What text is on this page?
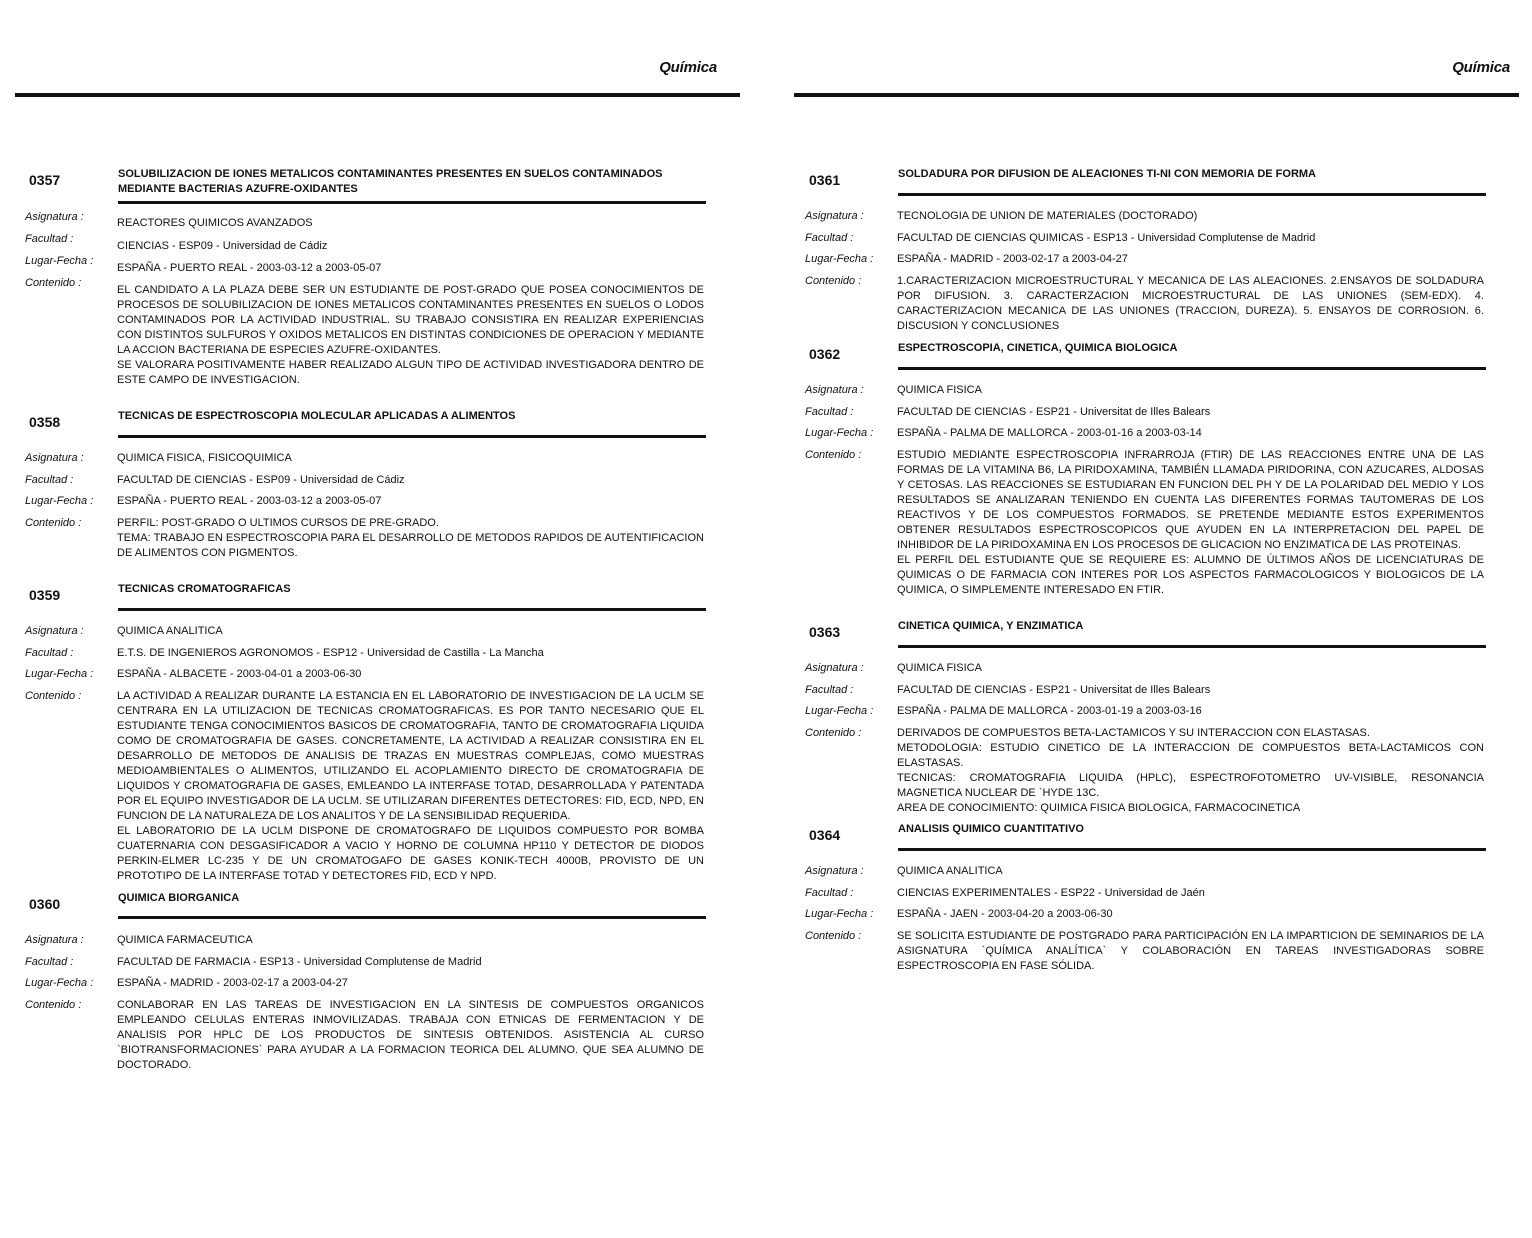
Química
0357	SOLUBILIZACION DE IONES METALICOS CONTAMINANTES PRESENTES EN SUELOS CONTAMINADOS MEDIANTE BACTERIAS AZUFRE-OXIDANTES
Asignatura :	REACTORES QUIMICOS AVANZADOS
Facultad :
CIENCIAS - ESP09 - Universidad de Cádiz
Lugar-Fecha :
ESPAÑA - PUERTO REAL - 2003-03-12 a 2003-05-07
Contenido :
EL CANDIDATO A LA PLAZA DEBE SER UN ESTUDIANTE DE POST-GRADO QUE POSEA CONOCIMIENTOS DE PROCESOS DE SOLUBILIZACION DE IONES METALICOS CONTAMINANTES PRESENTES EN SUELOS O LODOS CONTAMINADOS POR LA ACTIVIDAD INDUSTRIAL. SU TRABAJO CONSISTIRA EN REALIZAR EXPERIENCIAS CON DISTINTOS SULFUROS Y OXIDOS METALICOS EN DISTINTAS CONDICIONES DE OPERACION Y MEDIANTE LA ACCION BACTERIANA DE ESPECIES AZUFRE-OXIDANTES.
SE VALORARA POSITIVAMENTE HABER REALIZADO ALGUN TIPO DE ACTIVIDAD INVESTIGADORA DENTRO DE ESTE CAMPO DE INVESTIGACION.
0358	TECNICAS DE ESPECTROSCOPIA MOLECULAR APLICADAS A ALIMENTOS
Asignatura :	QUIMICA FISICA, FISICOQUIMICA
Facultad :	FACULTAD DE CIENCIAS - ESP09 - Universidad de Cádiz
Lugar-Fecha :	ESPAÑA - PUERTO REAL - 2003-03-12 a 2003-05-07
Contenido :	PERFIL: POST-GRADO O ULTIMOS CURSOS DE PRE-GRADO.
TEMA: TRABAJO EN ESPECTROSCOPIA PARA EL DESARROLLO DE METODOS RAPIDOS DE AUTENTIFICACION DE ALIMENTOS CON PIGMENTOS.
0359	TECNICAS CROMATOGRAFICAS
Asignatura :	QUIMICA ANALITICA
Facultad :	E.T.S. DE INGENIEROS AGRONOMOS - ESP12 - Universidad de Castilla - La Mancha
Lugar-Fecha :	ESPAÑA - ALBACETE - 2003-04-01 a 2003-06-30
Contenido :	LA ACTIVIDAD A REALIZAR DURANTE LA ESTANCIA EN EL LABORATORIO DE INVESTIGACION DE LA UCLM SE CENTRARA EN LA UTILIZACION DE TECNICAS CROMATOGRAFICAS. ES POR TANTO NECESARIO QUE EL ESTUDIANTE TENGA CONOCIMIENTOS BASICOS DE CROMATOGRAFIA, TANTO DE CROMATOGRAFIA LIQUIDA COMO DE CROMATOGRAFIA DE GASES. CONCRETAMENTE, LA ACTIVIDAD A REALIZAR CONSISTIRA EN EL DESARROLLO DE METODOS DE ANALISIS DE TRAZAS EN MUESTRAS COMPLEJAS, COMO MUESTRAS MEDIOAMBIENTALES O ALIMENTOS, UTILIZANDO EL ACOPLAMIENTO DIRECTO DE CROMATOGRAFIA DE LIQUIDOS Y CROMATOGRAFIA DE GASES, EMLEANDO LA INTERFASE TOTAD, DESARROLLADA Y PATENTADA POR EL EQUIPO INVESTIGADOR DE LA UCLM. SE UTILIZARAN DIFERENTES DETECTORES: FID, ECD, NPD, EN FUNCION DE LA NATURALEZA DE LOS ANALITOS Y DE LA SENSIBILIDAD REQUERIDA.
EL LABORATORIO DE LA UCLM DISPONE DE CROMATOGRAFO DE LIQUIDOS COMPUESTO POR BOMBA CUATERNARIA CON DESGASIFICADOR A VACIO Y HORNO DE COLUMNA HP110 Y DETECTOR DE DIODOS PERKIN-ELMER LC-235 Y DE UN CROMATOGAFO DE GASES KONIK-TECH 4000B, PROVISTO DE UN PROTOTIPO DE LA INTERFASE TOTAD Y DETECTORES FID, ECD Y NPD.
0360	QUIMICA BIORGANICA
Asignatura :	QUIMICA FARMACEUTICA
Facultad :	FACULTAD DE FARMACIA - ESP13 - Universidad Complutense de Madrid
Lugar-Fecha :	ESPAÑA - MADRID - 2003-02-17 a 2003-04-27
Contenido :	CONLABORAR EN LAS TAREAS DE INVESTIGACION EN LA SINTESIS DE COMPUESTOS ORGANICOS EMPLEANDO CELULAS ENTERAS INMOVILIZADAS. TRABAJA CON ETNICAS DE FERMENTACION Y DE ANALISIS POR HPLC DE LOS PRODUCTOS DE SINTESIS OBTENIDOS. ASISTENCIA AL CURSO `BIOTRANSFORMACIONES` PARA AYUDAR A LA FORMACION TEORICA DEL ALUMNO. QUE SEA ALUMNO DE DOCTORADO.
Química
0361	SOLDADURA POR DIFUSION DE ALEACIONES TI-NI CON MEMORIA DE FORMA
Asignatura :	TECNOLOGIA DE UNION DE MATERIALES (DOCTORADO)
Facultad :	FACULTAD DE CIENCIAS QUIMICAS - ESP13 - Universidad Complutense de Madrid
Lugar-Fecha :	ESPAÑA - MADRID - 2003-02-17 a 2003-04-27
Contenido :	1.CARACTERIZACION MICROESTRUCTURAL Y MECANICA DE LAS ALEACIONES. 2.ENSAYOS DE SOLDADURA POR DIFUSION. 3. CARACTERZACION MICROESTRUCTURAL DE LAS UNIONES (SEM-EDX). 4. CARACTERIZACION MECANICA DE LAS UNIONES (TRACCION, DUREZA). 5. ENSAYOS DE CORROSION. 6. DISCUSION Y CONCLUSIONES
0362	ESPECTROSCOPIA, CINETICA, QUIMICA BIOLOGICA
Asignatura :	QUIMICA FISICA
Facultad :	FACULTAD DE CIENCIAS - ESP21 - Universitat de Illes Balears
Lugar-Fecha :	ESPAÑA - PALMA DE MALLORCA - 2003-01-16 a 2003-03-14
Contenido :	ESTUDIO MEDIANTE ESPECTROSCOPIA INFRARROJA (FTIR) DE LAS REACCIONES ENTRE UNA DE LAS FORMAS DE LA VITAMINA B6, LA PIRIDOXAMINA, TAMBIÉN LLAMADA PIRIDORINA, CON AZUCARES, ALDOSAS Y CETOSAS. LAS REACCIONES SE ESTUDIARAN EN FUNCION DEL PH Y DE LA POLARIDAD DEL MEDIO Y LOS RESULTADOS SE ANALIZARAN TENIENDO EN CUENTA LAS DIFERENTES FORMAS TAUTOMERAS DE LOS REACTIVOS Y DE LOS COMPUESTOS FORMADOS. SE PRETENDE MEDIANTE ESTOS EXPERIMENTOS OBTENER RESULTADOS ESPECTROSCOPICOS QUE AYUDEN EN LA INTERPRETACION DEL PAPEL DE INHIBIDOR DE LA PIRIDOXAMINA EN LOS PROCESOS DE GLICACION NO ENZIMATICA DE LAS PROTEINAS.
EL PERFIL DEL ESTUDIANTE QUE SE REQUIERE ES: ALUMNO DE ÚLTIMOS AÑOS DE LICENCIATURAS DE QUIMICAS O DE FARMACIA CON INTERES POR LOS ASPECTOS FARMACOLOGICOS Y BIOLOGICOS DE LA QUIMICA, O SIMPLEMENTE INTERESADO EN FTIR.
0363	CINETICA QUIMICA, Y ENZIMATICA
Asignatura :	QUIMICA FISICA
Facultad :	FACULTAD DE CIENCIAS - ESP21 - Universitat de Illes Balears
Lugar-Fecha :	ESPAÑA - PALMA DE MALLORCA - 2003-01-19 a 2003-03-16
Contenido :	DERIVADOS DE COMPUESTOS BETA-LACTAMICOS Y SU INTERACCION CON ELASTASAS.
METODOLOGIA: ESTUDIO CINETICO DE LA INTERACCION DE COMPUESTOS BETA-LACTAMICOS CON ELASTASAS.
TECNICAS: CROMATOGRAFIA LIQUIDA (HPLC), ESPECTROFOTOMETRO UV-VISIBLE, RESONANCIA MAGNETICA NUCLEAR DE `HYDE 13C.
AREA DE CONOCIMIENTO: QUIMICA FISICA BIOLOGICA, FARMACOCINETICA
0364	ANALISIS QUIMICO CUANTITATIVO
Asignatura :	QUIMICA ANALITICA
Facultad :	CIENCIAS EXPERIMENTALES - ESP22 - Universidad de Jaén
Lugar-Fecha :	ESPAÑA - JAEN - 2003-04-20 a 2003-06-30
Contenido :	SE SOLICITA ESTUDIANTE DE POSTGRADO PARA PARTICIPACIÓN EN LA IMPARTICION DE SEMINARIOS DE LA ASIGNATURA `QUÍMICA ANALÍTICA` Y COLABORACIÓN EN TAREAS INVESTIGADORAS SOBRE ESPECTROSCOPIA EN FASE SÓLIDA.
